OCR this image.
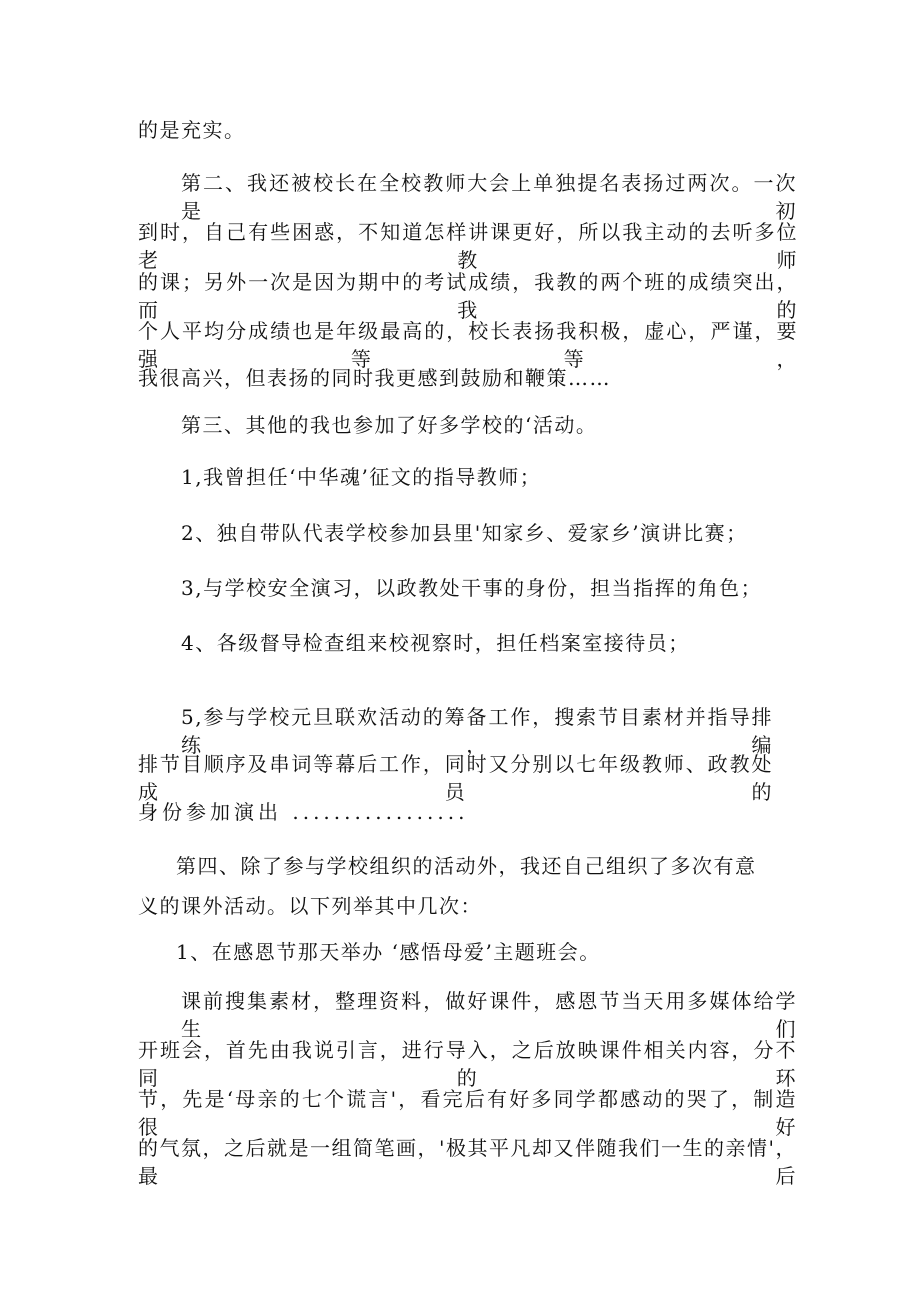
的是充实。
第二、我还被校长在全校教师大会上单独提名表扬过两次。一次是初
到时，自己有些困惑，不知道怎样讲课更好，所以我主动的去听多位老教师
的课；另外一次是因为期中的考试成绩，我教的两个班的成绩突出，而我的
个人平均分成绩也是年级最高的，校长表扬我积极，虚心，严谨，要强等等，
我很高兴，但表扬的同时我更感到鼓励和鞭策……
第三、其他的我也参加了好多学校的‘活动。
1,我曾担任‘中华魂’征文的指导教师；
2、独自带队代表学校参加县里'知家乡、爱家乡’演讲比赛；
3,与学校安全演习，以政教处干事的身份，担当指挥的角色；
4、各级督导检查组来校视察时，担任档案室接待员；
5,参与学校元旦联欢活动的筹备工作，搜索节目素材并指导排练，编
排节目顺序及串词等幕后工作，同时又分别以七年级教师、政教处成员的
身份参加演出 .................
第四、除了参与学校组织的活动外，我还自己组织了多次有意
义的课外活动。以下列举其中几次：
1、在感恩节那天举办 ‘感悟母爱’主题班会。
课前搜集素材，整理资料，做好课件，感恩节当天用多媒体给学生们
开班会，首先由我说引言，进行导入，之后放映课件相关内容，分不同的环
节，先是‘母亲的七个谎言'，看完后有好多同学都感动的哭了，制造很好
的气氛，之后就是一组简笔画，'极其平凡却又伴随我们一生的亲情'，最后
